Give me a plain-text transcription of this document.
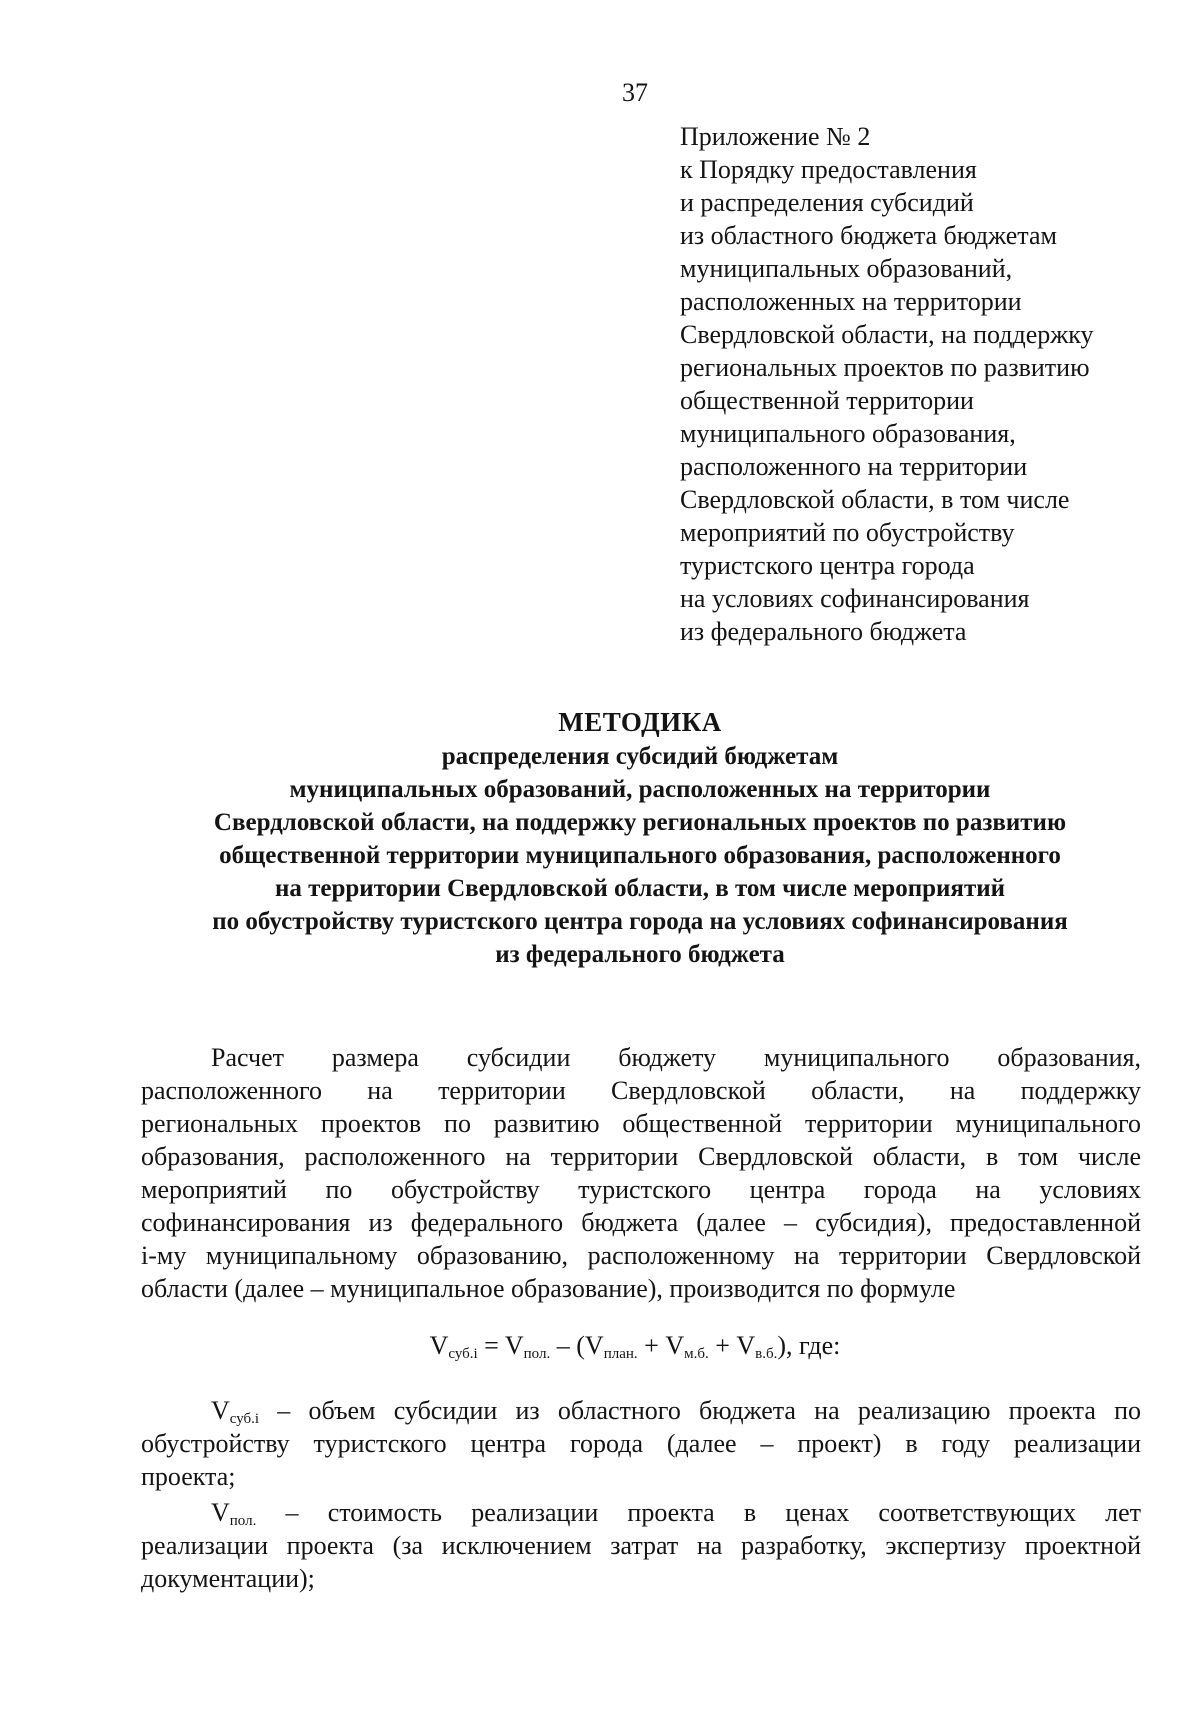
37
Приложение № 2
к Порядку предоставления
и распределения субсидий
из областного бюджета бюджетам
муниципальных образований,
расположенных на территории
Свердловской области, на поддержку
региональных проектов по развитию
общественной территории
муниципального образования,
расположенного на территории
Свердловской области, в том числе
мероприятий по обустройству
туристского центра города
на условиях софинансирования
из федерального бюджета
МЕТОДИКА
распределения субсидий бюджетам
муниципальных образований, расположенных на территории
Свердловской области, на поддержку региональных проектов по развитию
общественной территории муниципального образования, расположенного
на территории Свердловской области, в том числе мероприятий
по обустройству туристского центра города на условиях софинансирования
из федерального бюджета
Расчет размера субсидии бюджету муниципального образования,
расположенного на территории Свердловской области, на поддержку
региональных проектов по развитию общественной территории муниципального
образования, расположенного на территории Свердловской области, в том числе
мероприятий по обустройству туристского центра города на условиях
софинансирования из федерального бюджета (далее – субсидия), предоставленной
i-му муниципальному образованию, расположенному на территории Свердловской
области (далее – муниципальное образование), производится по формуле
$V_{суб.i} = V_{пол.} - (V_{план.} + V_{м.б.} + V_{в.б.})$, где:
$V_{суб.i}$ – объем субсидии из областного бюджета на реализацию проекта по
обустройству туристского центра города (далее – проект) в году реализации
проекта;
$V_{пол.}$ – стоимость реализации проекта в ценах соответствующих лет
реализации проекта (за исключением затрат на разработку, экспертизу проектной
документации);
